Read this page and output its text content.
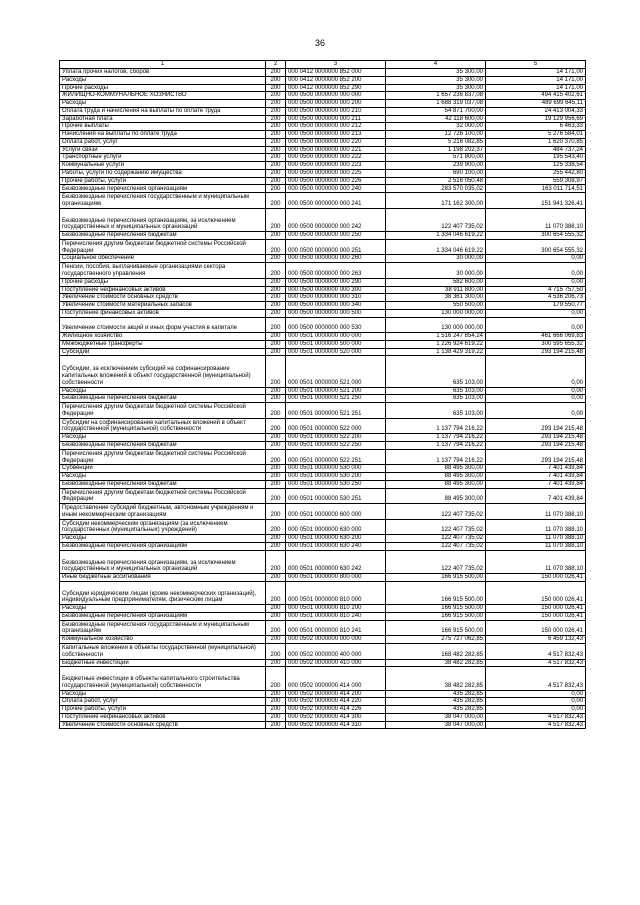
36
1	2	3	4	5
Уплата прочих налогов, сборов	200	000 0412 0000000 852 000	35 300,00	14 171,00
Расходы	200	000 0412 0000000 852 200	35 300,00	14 171,00
Прочие расходы	200	000 0412 0000000 852 290	35 300,00	14 171,00
ЖИЛИЩНО-КОММУНАЛЬНОЕ ХОЗЯЙСТВО	200	000 0500 0000000 000 000	1 657 236 837,08	494 415 402,61
Расходы	200	000 0500 0000000 000 200	1 688 319 037,08	489 699 645,11
Оплата труда и начисления на выплаты по оплате труда	200	000 0500 0000000 000 210	54 871 700,00	24 413 004,33
Заработная плата	200	000 0500 0000000 000 211	42 118 600,00	19 129 956,69
Прочие выплаты	200	000 0500 0000000 000 212	32 000,00	6 463,33
Начисления на выплаты по оплате труда	200	000 0500 0000000 000 213	12 726 100,00	5 276 584,01
Оплата работ, услуг	200	000 0500 0000000 000 220	5 216 082,85	1 620 370,85
Услуги связи	200	000 0500 0000000 000 221	1 198 202,37	484 737,24
Транспортные услуги	200	000 0500 0000000 000 222	571 800,00	195 543,40
Коммунальные услуги	200	000 0500 0000000 000 223	239 900,00	125 338,54
Работы, услуги по содержанию имущества	200	000 0500 0000000 000 225	690 100,00	255 442,80
Прочие работы, услуги	200	000 0500 0000000 000 226	2 516 050,48	559 308,97
Безвозмездные перечисления организациям	200	000 0500 0000000 000 240	283 570 035,02	163 011 714,51
Безвозмездные перечисления государственным и муниципальным организациям	200	000 0500 0000000 000 241	171 162 300,00	151 941 326,41
Безвозмездные перечисления организациям, за исключением государственных и муниципальных организаций	200	000 0500 0000000 000 242	122 407 735,02	11 070 388,10
Безвозмездные перечисления бюджетам	200	000 0500 0000000 000 250	1 334 046 619,22	300 654 555,32
Перечисления другим бюджетам бюджетной системы Российской Федерации	200	000 0500 0000000 000 251	1 334 046 619,22	300 654 555,32
Социальное обеспечение	200	000 0500 0000000 000 260	30 000,00	0,00
Пенсии, пособия, выплачиваемые организациями сектора государственного управления	200	000 0500 0000000 000 263	30 000,00	0,00
Прочие расходы	200	000 0500 0000000 000 290	582 600,00	0,00
Поступление нефинансовых активов	200	000 0500 0000000 000 300	38 911 800,00	4 715 757,50
Увеличение стоимости основных средств	200	000 0500 0000000 000 310	38 361 300,00	4 536 206,73
Увеличение стоимости материальных запасов	200	000 0500 0000000 000 340	550 500,00	179 550,77
Поступление финансовых активов	200	000 0500 0000000 000 500	130 000 000,00	0,00
Увеличение стоимости акций и иных форм участия в капитале	200	000 0500 0000000 000 530	130 000 000,00	0,00
Жилищное хозяйство	200	000 0501 0000000 000 000	1 516 247 854,24	461 666 069,83
Межбюджетные трансферты	200	000 0501 0000000 500 000	1 226 924 619,22	300 595 655,32
Субсидии	200	000 0501 0000000 520 000	1 138 429 319,22	293 194 215,48
Субсидии, за исключением субсидий на софинансирование капитальных вложений в объект государственной (муниципальной) собственности	200	000 0501 0000000 521 000	635 103,00	0,00
Расходы	200	000 0501 0000000 521 200	635 103,00	0,00
Безвозмездные перечисления бюджетам	200	000 0501 0000000 521 250	635 103,00	0,00
Перечисления другим бюджетам бюджетной системы Российской Федерации	200	000 0501 0000000 521 251	635 103,00	0,00
Субсидии на софинансирование капитальных вложений в объект государственной (муниципальной) собственности	200	000 0501 0000000 522 000	1 137 794 216,22	293 194 215,48
Расходы	200	000 0501 0000000 522 200	1 137 794 216,22	293 194 215,48
Безвозмездные перечисления бюджетам	200	000 0501 0000000 522 250	1 137 794 216,22	293 194 215,48
Перечисления другим бюджетам бюджетной системы Российской Федерации	200	000 0501 0000000 522 251	1 137 794 216,22	293 194 215,48
Субвенции	200	000 0501 0000000 530 000	88 495 300,00	7 401 439,84
Расходы	200	000 0501 0000000 530 200	88 495 300,00	7 401 439,84
Безвозмездные перечисления бюджетам	200	000 0501 0000000 530 250	88 495 300,00	7 401 439,84
Перечисления другим бюджетам бюджетной системы Российской Федерации	200	000 0501 0000000 530 251	88 495 300,00	7 401 439,84
Предоставление субсидий бюджетным, автономным учреждениям и иным некоммерческим организациям	200	000 0501 0000000 600 000	122 407 735,02	11 070 388,10
Субсидии некоммерческим организациям (за исключением государственных (муниципальных) учреждений)	200	000 0501 0000000 630 000	122 407 735,02	11 070 388,10
Расходы	200	000 0501 0000000 630 200	122 407 735,02	11 070 388,10
Безвозмездные перечисления организациям	200	000 0501 0000000 630 240	122 407 735,02	11 070 388,10
Безвозмездные перечисления организациям, за исключением государственных и муниципальных организаций	200	000 0501 0000000 630 242	122 407 735,02	11 070 388,10
Иные бюджетные ассигнования	200	000 0501 0000000 800 000	166 915 500,00	150 000 026,41
Субсидии юридическим лицам (кроме некоммерческих организаций), индивидуальным предпринимателям, физическим лицам	200	000 0501 0000000 810 000	166 915 500,00	150 000 026,41
Расходы	200	000 0501 0000000 810 200	166 915 500,00	150 000 026,41
Безвозмездные перечисления организациям	200	000 0501 0000000 810 240	166 915 500,00	150 000 026,41
Безвозмездные перечисления государственным и муниципальным организациям	200	000 0501 0000000 810 241	166 915 500,00	150 000 026,41
Коммунальное хозяйство	200	000 0502 0000000 000 000	275 727 062,85	6 459 132,43
Капитальные вложения в объекты государственной (муниципальной) собственности	200	000 0502 0000000 400 000	168 482 282,85	4 517 832,43
Бюджетные инвестиции	200	000 0502 0000000 410 000	38 482 282,85	4 517 832,43
Бюджетные инвестиции в объекты капитального строительства государственной (муниципальной) собственности	200	000 0502 0000000 414 000	38 482 282,85	4 517 832,43
Расходы	200	000 0502 0000000 414 200	435 282,85	0,00
Оплата работ, услуг	200	000 0502 0000000 414 220	435 282,85	0,00
Прочие работы, услуги	200	000 0502 0000000 414 226	435 282,85	0,00
Поступление нефинансовых активов	200	000 0502 0000000 414 300	38 047 000,00	4 517 832,43
Увеличение стоимости основных средств	200	000 0502 0000000 414 310	38 047 000,00	4 517 832,43
